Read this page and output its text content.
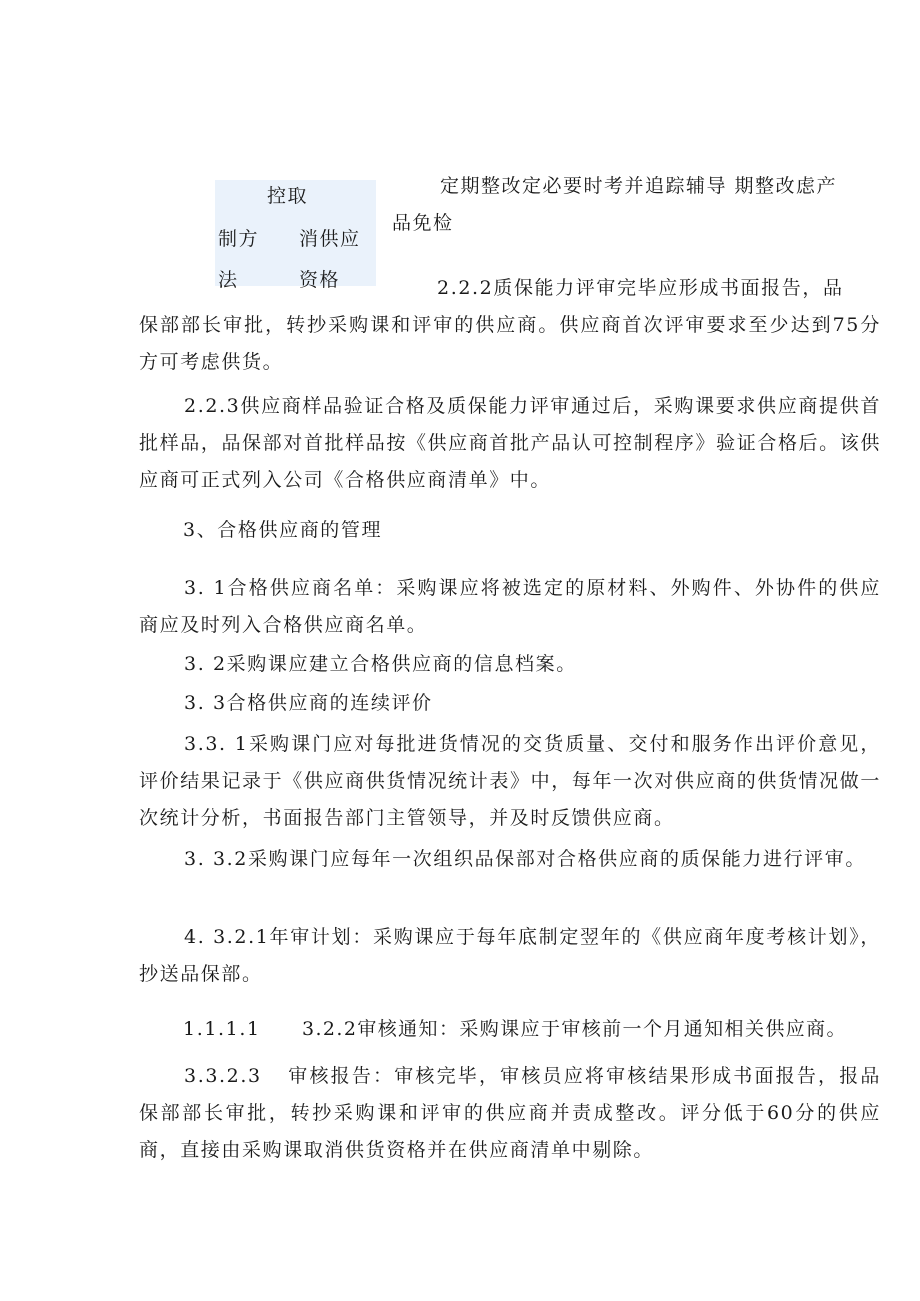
控取
制方
法
消供应
资格
定期整改定必要时考并追踪辅导 期整改虑产
品免检
2.2.2质保能力评审完毕应形成书面报告，品
保部部长审批，转抄采购课和评审的供应商。供应商首次评审要求至少达到75分方可考虑供货。
2.2.3供应商样品验证合格及质保能力评审通过后，采购课要求供应商提供首批样品，品保部对首批样品按《供应商首批产品认可控制程序》验证合格后。该供应商可正式列入公司《合格供应商清单》中。
3、合格供应商的管理
3. 1合格供应商名单：采购课应将被选定的原材料、外购件、外协件的供应商应及时列入合格供应商名单。
3. 2采购课应建立合格供应商的信息档案。
3. 3合格供应商的连续评价
3.3. 1采购课门应对每批进货情况的交货质量、交付和服务作出评价意见，评价结果记录于《供应商供货情况统计表》中，每年一次对供应商的供货情况做一次统计分析，书面报告部门主管领导，并及时反馈供应商。
3. 3.2采购课门应每年一次组织品保部对合格供应商的质保能力进行评审。
4. 3.2.1年审计划：采购课应于每年底制定翌年的《供应商年度考核计划》，抄送品保部。
1.1.1.1 3.2.2审核通知：采购课应于审核前一个月通知相关供应商。
3.3.2.3 审核报告：审核完毕，审核员应将审核结果形成书面报告，报品保部部长审批，转抄采购课和评审的供应商并责成整改。评分低于60分的供应商，直接由采购课取消供货资格并在供应商清单中剔除。
